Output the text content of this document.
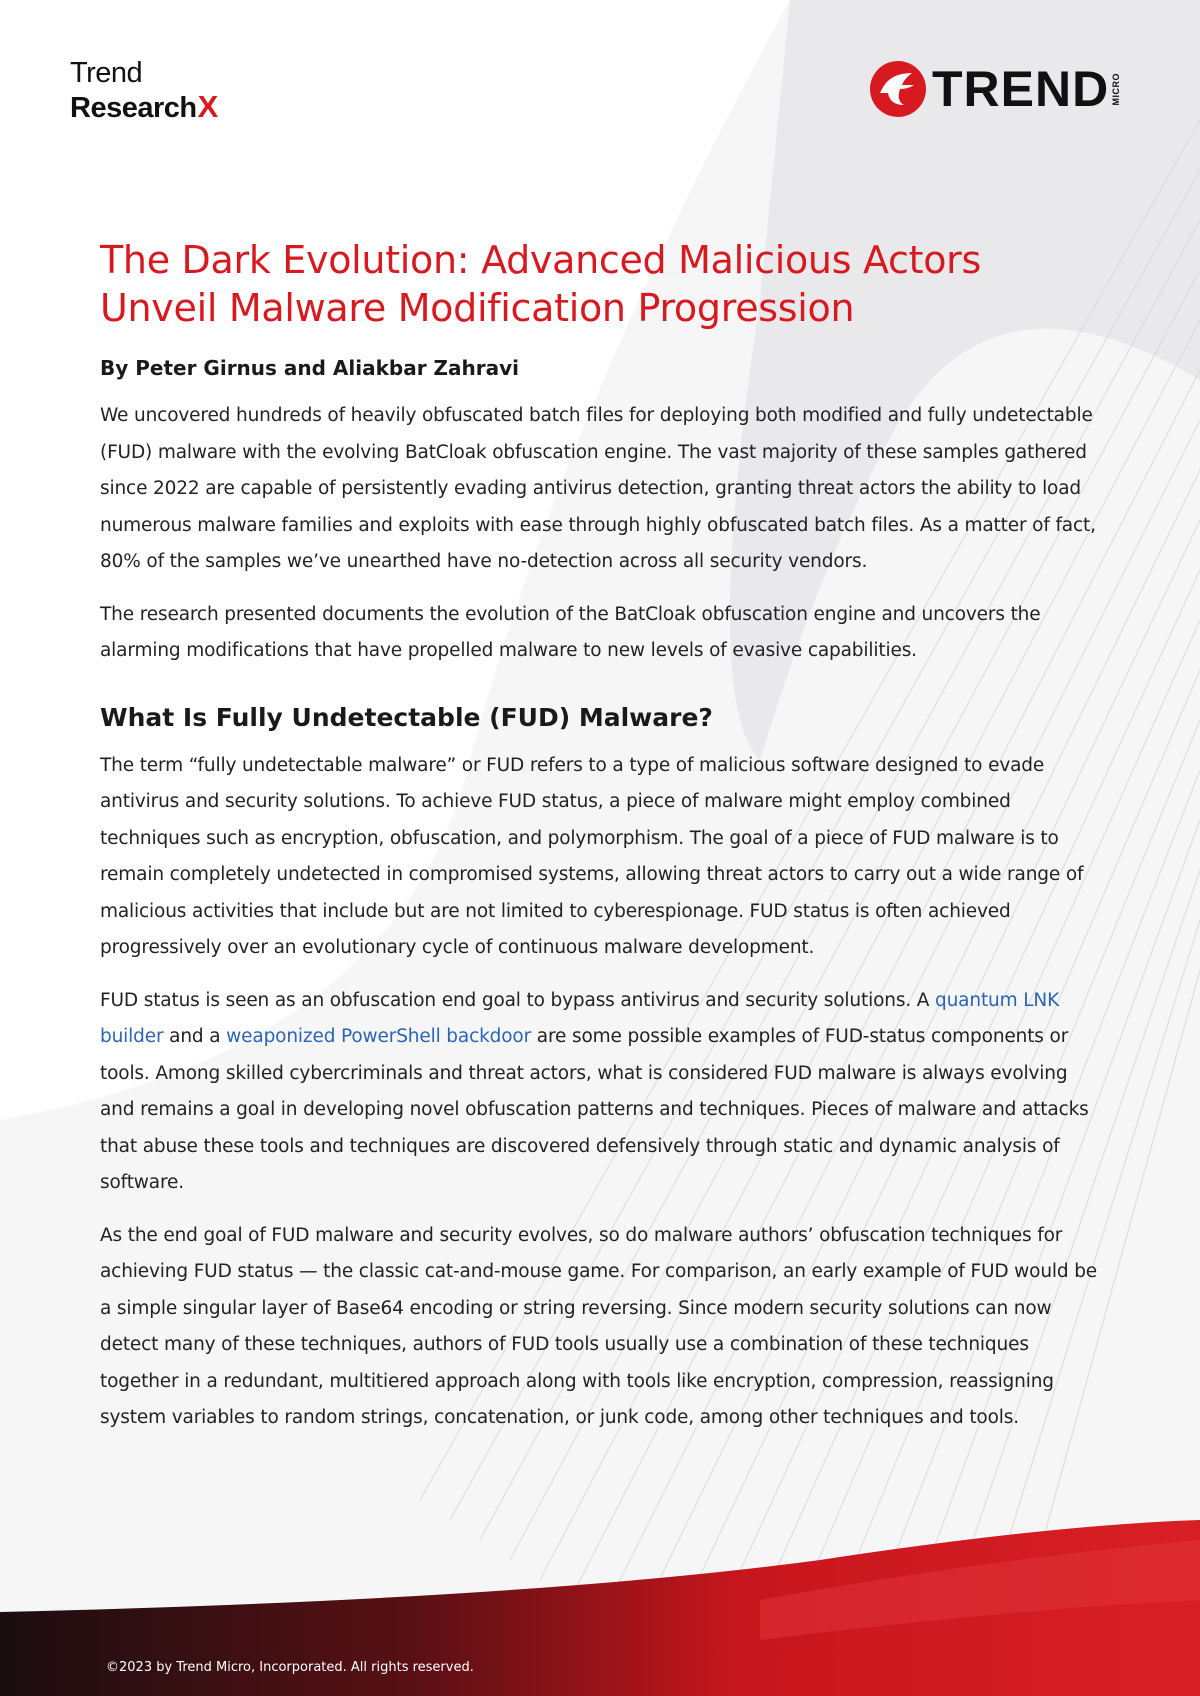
Trend
ResearchX	TREND MICRO
The Dark Evolution: Advanced Malicious Actors Unveil Malware Modification Progression
By Peter Girnus and Aliakbar Zahravi

We uncovered hundreds of heavily obfuscated batch files for deploying both modified and fully undetectable (FUD) malware with the evolving BatCloak obfuscation engine. The vast majority of these samples gathered since 2022 are capable of persistently evading antivirus detection, granting threat actors the ability to load numerous malware families and exploits with ease through highly obfuscated batch files. As a matter of fact, 80% of the samples we’ve unearthed have no-detection across all security vendors.

The research presented documents the evolution of the BatCloak obfuscation engine and uncovers the alarming modifications that have propelled malware to new levels of evasive capabilities.

What Is Fully Undetectable (FUD) Malware?

The term “fully undetectable malware” or FUD refers to a type of malicious software designed to evade antivirus and security solutions. To achieve FUD status, a piece of malware might employ combined techniques such as encryption, obfuscation, and polymorphism. The goal of a piece of FUD malware is to remain completely undetected in compromised systems, allowing threat actors to carry out a wide range of malicious activities that include but are not limited to cyberespionage. FUD status is often achieved progressively over an evolutionary cycle of continuous malware development.

FUD status is seen as an obfuscation end goal to bypass antivirus and security solutions. A quantum LNK builder and a weaponized PowerShell backdoor are some possible examples of FUD-status components or tools. Among skilled cybercriminals and threat actors, what is considered FUD malware is always evolving and remains a goal in developing novel obfuscation patterns and techniques. Pieces of malware and attacks that abuse these tools and techniques are discovered defensively through static and dynamic analysis of software.

As the end goal of FUD malware and security evolves, so do malware authors’ obfuscation techniques for achieving FUD status — the classic cat-and-mouse game. For comparison, an early example of FUD would be a simple singular layer of Base64 encoding or string reversing. Since modern security solutions can now detect many of these techniques, authors of FUD tools usually use a combination of these techniques together in a redundant, multitiered approach along with tools like encryption, compression, reassigning system variables to random strings, concatenation, or junk code, among other techniques and tools.

©2023 by Trend Micro, Incorporated. All rights reserved.
